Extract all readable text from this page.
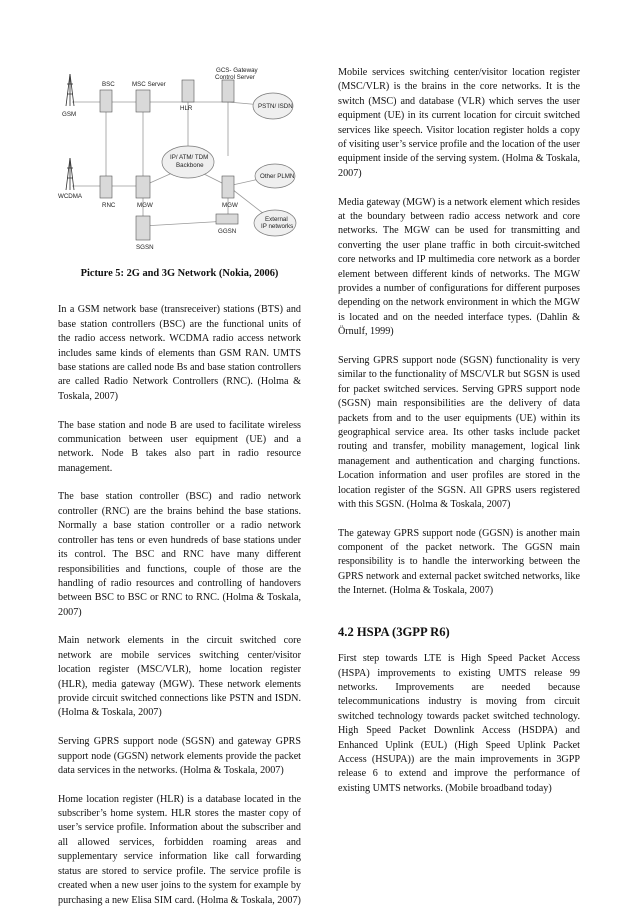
BSC	MSC Server
HLR
GCS- Gateway
Control Server
GSM
PSTN/ ISDN
IP/ ATM/ TDM
Backbone
Other PLMN
WCDMA
RNC	MGW	MGW
External
IP networks
GGSN
SGSN
Picture 5: 2G and 3G Network (Nokia, 2006)

In a GSM network base (transreceiver) stations (BTS) and base station controllers (BSC) are the functional units of the radio access network. WCDMA radio access network includes same kinds of elements than GSM RAN. UMTS base stations are called node Bs and base station controllers are called Radio Network Controllers (RNC). (Holma & Toskala, 2007)

The base station and node B are used to facilitate wireless communication between user equipment (UE) and a network. Node B takes also part in radio resource management.

The base station controller (BSC) and radio network controller (RNC) are the brains behind the base stations. Normally a base station controller or a radio network controller has tens or even hundreds of base stations under its control. The BSC and RNC have many different responsibilities and functions, couple of those are the handling of radio resources and controlling of handovers between BSC to BSC or RNC to RNC. (Holma & Toskala, 2007)

Main network elements in the circuit switched core network are mobile services switching center/visitor location register (MSC/VLR), home location register (HLR), media gateway (MGW). These network elements provide circuit switched connections like PSTN and ISDN. (Holma & Toskala, 2007)

Serving GPRS support node (SGSN) and gateway GPRS support node (GGSN) network elements provide the packet data services in the networks. (Holma & Toskala, 2007)

Home location register (HLR) is a database located in the subscriber’s home system. HLR stores the master copy of user’s service profile. Information about the subscriber and all allowed services, forbidden roaming areas and supplementary service information like call forwarding status are stored to service profile. The service profile is created when a new user joins to the system for example by purchasing a new Elisa SIM card. (Holma & Toskala, 2007)

Mobile services switching center/visitor location register (MSC/VLR) is the brains in the core networks. It is the switch (MSC) and database (VLR) which serves the user equipment (UE) in its current location for circuit switched services like speech. Visitor location register holds a copy of visiting user’s service profile and the location of the user equipment inside of the serving system. (Holma & Toskala, 2007)

Media gateway (MGW) is a network element which resides at the boundary between radio access network and core networks. The MGW can be used for transmitting and converting the user plane traffic in both circuit-switched core networks and IP multimedia core network as a border element between different kinds of networks. The MGW provides a number of configurations for different purposes depending on the network environment in which the MGW is located and on the needed interface types. (Dahlin & Örnulf, 1999)

Serving GPRS support node (SGSN) functionality is very similar to the functionality of MSC/VLR but SGSN is used for packet switched services. Serving GPRS support node (SGSN) main responsibilities are the delivery of data packets from and to the user equipments (UE) within its geographical service area. Its other tasks include packet routing and transfer, mobility management, logical link management and authentication and charging functions. Location information and user profiles are stored in the location register of the SGSN. All GPRS users registered with this SGSN. (Holma & Toskala, 2007)

The gateway GPRS support node (GGSN) is another main component of the packet network. The GGSN main responsibility is to handle the interworking between the GPRS network and external packet switched networks, like the Internet. (Holma & Toskala, 2007)

4.2 HSPA (3GPP R6)

First step towards LTE is High Speed Packet Access (HSPA) improvements to existing UMTS release 99 networks. Improvements are needed because telecommunications industry is moving from circuit switched technology towards packet switched technology. High Speed Packet Downlink Access (HSDPA) and Enhanced Uplink (EUL) (High Speed Uplink Packet Access (HSUPA)) are the main improvements in 3GPP release 6 to extend and improve the performance of existing UMTS networks. (Mobile broadband today)
